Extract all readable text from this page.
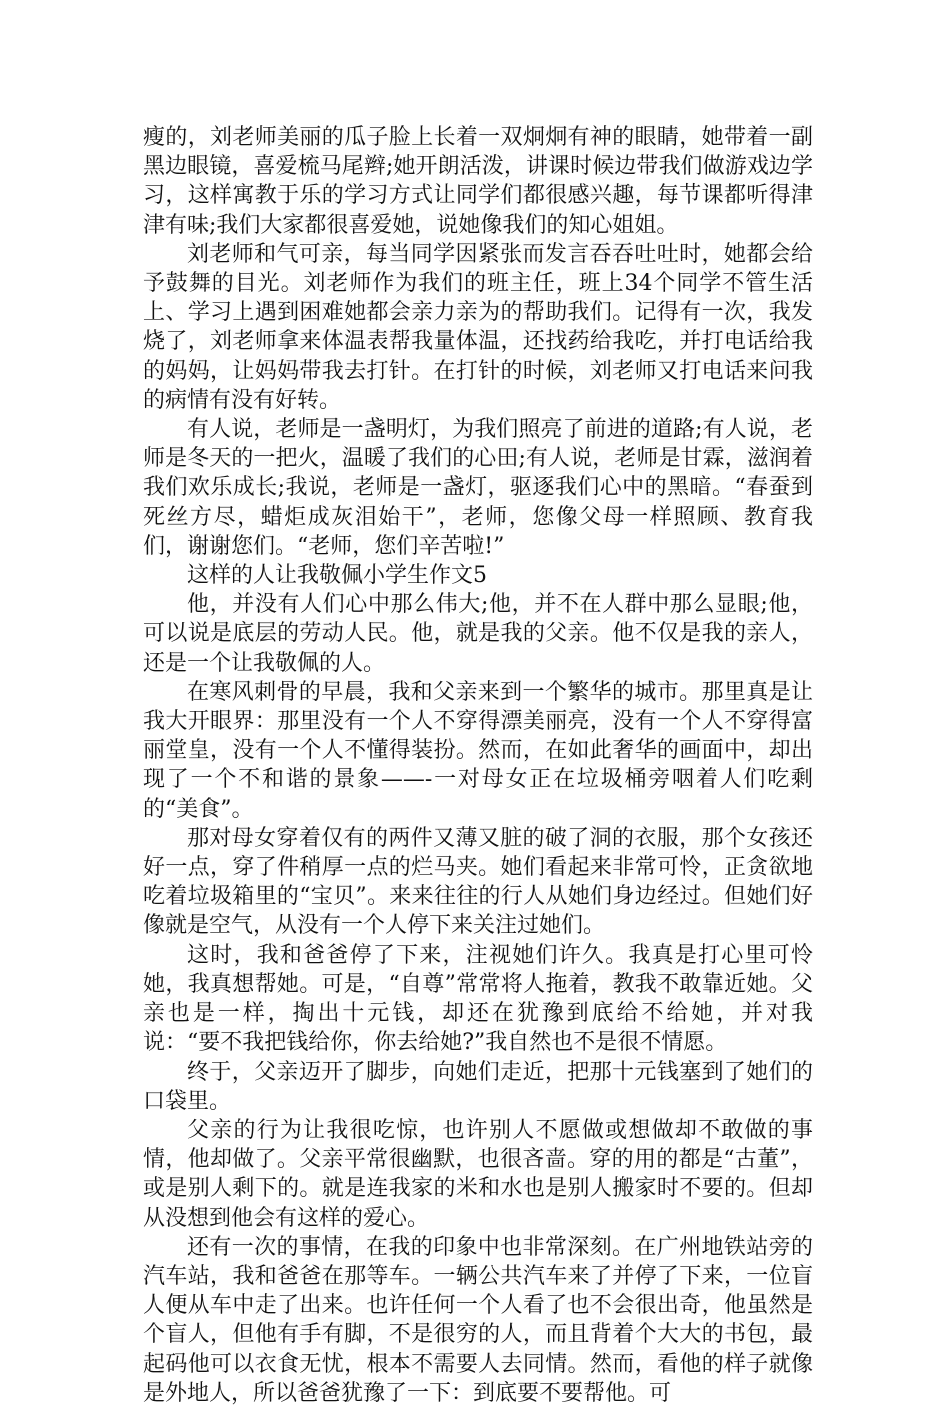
瘦的，刘老师美丽的瓜子脸上长着一双炯炯有神的眼睛，她带着一副黑边眼镜，喜爱梳马尾辫;她开朗活泼，讲课时候边带我们做游戏边学习，这样寓教于乐的学习方式让同学们都很感兴趣，每节课都听得津津有味;我们大家都很喜爱她，说她像我们的知心姐姐。

刘老师和气可亲，每当同学因紧张而发言吞吞吐吐时，她都会给予鼓舞的目光。刘老师作为我们的班主任，班上34个同学不管生活上、学习上遇到困难她都会亲力亲为的帮助我们。记得有一次，我发烧了，刘老师拿来体温表帮我量体温，还找药给我吃，并打电话给我的妈妈，让妈妈带我去打针。在打针的时候，刘老师又打电话来问我的病情有没有好转。

有人说，老师是一盏明灯，为我们照亮了前进的道路;有人说，老师是冬天的一把火，温暖了我们的心田;有人说，老师是甘霖，滋润着我们欢乐成长;我说，老师是一盏灯，驱逐我们心中的黑暗。“春蚕到死丝方尽，蜡炬成灰泪始干”，老师，您像父母一样照顾、教育我们，谢谢您们。“老师，您们辛苦啦!”

这样的人让我敬佩小学生作文5

他，并没有人们心中那么伟大;他，并不在人群中那么显眼;他，可以说是底层的劳动人民。他，就是我的父亲。他不仅是我的亲人，还是一个让我敬佩的人。

在寒风刺骨的早晨，我和父亲来到一个繁华的城市。那里真是让我大开眼界：那里没有一个人不穿得漂美丽亮，没有一个人不穿得富丽堂皇，没有一个人不懂得装扮。然而，在如此奢华的画面中，却出现了一个不和谐的景象——-一对母女正在垃圾桶旁咽着人们吃剩的“美食”。

那对母女穿着仅有的两件又薄又脏的破了洞的衣服，那个女孩还好一点，穿了件稍厚一点的烂马夹。她们看起来非常可怜，正贪欲地吃着垃圾箱里的“宝贝”。来来往往的行人从她们身边经过。但她们好像就是空气，从没有一个人停下来关注过她们。

这时，我和爸爸停了下来，注视她们许久。我真是打心里可怜她，我真想帮她。可是，“自尊”常常将人拖着，教我不敢靠近她。父亲也是一样，掏出十元钱，却还在犹豫到底给不给她，并对我说：“要不我把钱给你，你去给她?”我自然也不是很不情愿。

终于，父亲迈开了脚步，向她们走近，把那十元钱塞到了她们的口袋里。

父亲的行为让我很吃惊，也许别人不愿做或想做却不敢做的事情，他却做了。父亲平常很幽默，也很吝啬。穿的用的都是“古董”，或是别人剩下的。就是连我家的米和水也是别人搬家时不要的。但却从没想到他会有这样的爱心。

还有一次的事情，在我的印象中也非常深刻。在广州地铁站旁的汽车站，我和爸爸在那等车。一辆公共汽车来了并停了下来，一位盲人便从车中走了出来。也许任何一个人看了也不会很出奇，他虽然是个盲人，但他有手有脚，不是很穷的人，而且背着个大大的书包，最起码他可以衣食无忧，根本不需要人去同情。然而，看他的样子就像是外地人，所以爸爸犹豫了一下：到底要不要帮他。可
